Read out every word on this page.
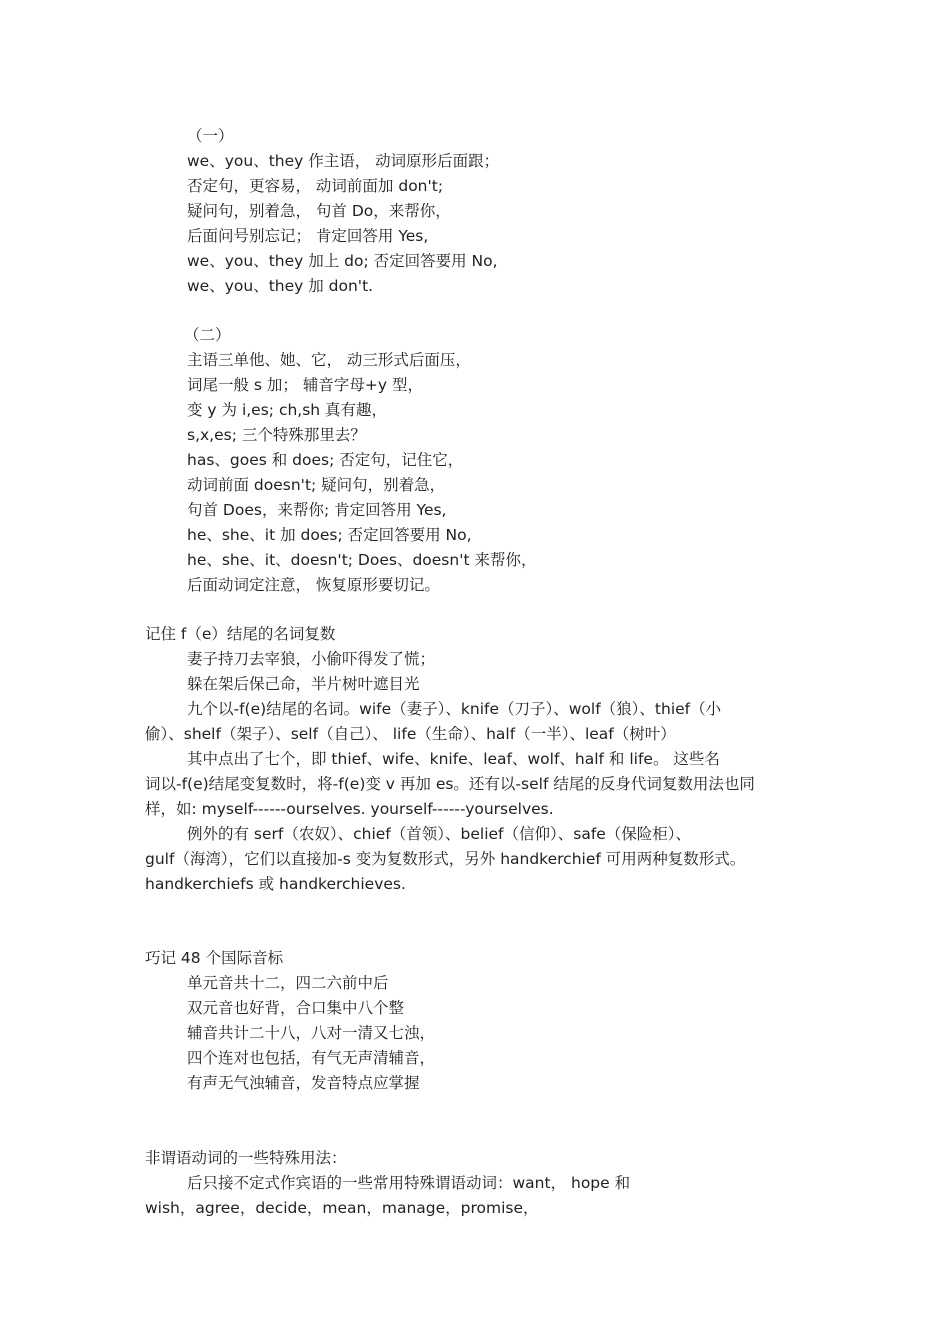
（一）
we、you、they 作主语， 动词原形后面跟；
否定句，更容易， 动词前面加 don't;
疑问句，别着急， 句首 Do，来帮你，
后面问号别忘记； 肯定回答用 Yes,
we、you、they 加上 do; 否定回答要用 No,
we、you、they 加 don't.
（二）
主语三单他、她、它， 动三形式后面压，
词尾一般 s 加； 辅音字母+y 型，
变 y 为 i,es; ch,sh 真有趣，
s,x,es; 三个特殊那里去？
has、goes 和 does; 否定句，记住它，
动词前面 doesn't; 疑问句，别着急，
句首 Does，来帮你; 肯定回答用 Yes,
he、she、it 加 does; 否定回答要用 No,
he、she、it、doesn't; Does、doesn't 来帮你，
后面动词定注意， 恢复原形要切记。
记住 f（e）结尾的名词复数
妻子持刀去宰狼，小偷吓得发了慌；
躲在架后保己命，半片树叶遮目光
九个以-f(e)结尾的名词。wife（妻子）、knife（刀子）、wolf（狼）、thief（小
偷）、shelf（架子）、self（自己）、 life（生命）、half（一半）、leaf（树叶）
其中点出了七个，即 thief、wife、knife、leaf、wolf、half 和 life。 这些名
词以-f(e)结尾变复数时，将-f(e)变 v 再加 es。还有以-self 结尾的反身代词复数用法也同
样，如: myself------ourselves. yourself------yourselves.
例外的有 serf（农奴）、chief（首领）、belief（信仰）、safe（保险柜）、
gulf（海湾），它们以直接加-s 变为复数形式，另外 handkerchief 可用两种复数形式。
handkerchiefs 或 handkerchieves.
巧记 48 个国际音标
单元音共十二，四二六前中后
双元音也好背，合口集中八个整
辅音共计二十八，八对一清又七浊，
四个连对也包括，有气无声清辅音，
有声无气浊辅音，发音特点应掌握
非谓语动词的一些特殊用法：
后只接不定式作宾语的一些常用特殊谓语动词：want， hope 和
wish，agree，decide，mean，manage，promise，
